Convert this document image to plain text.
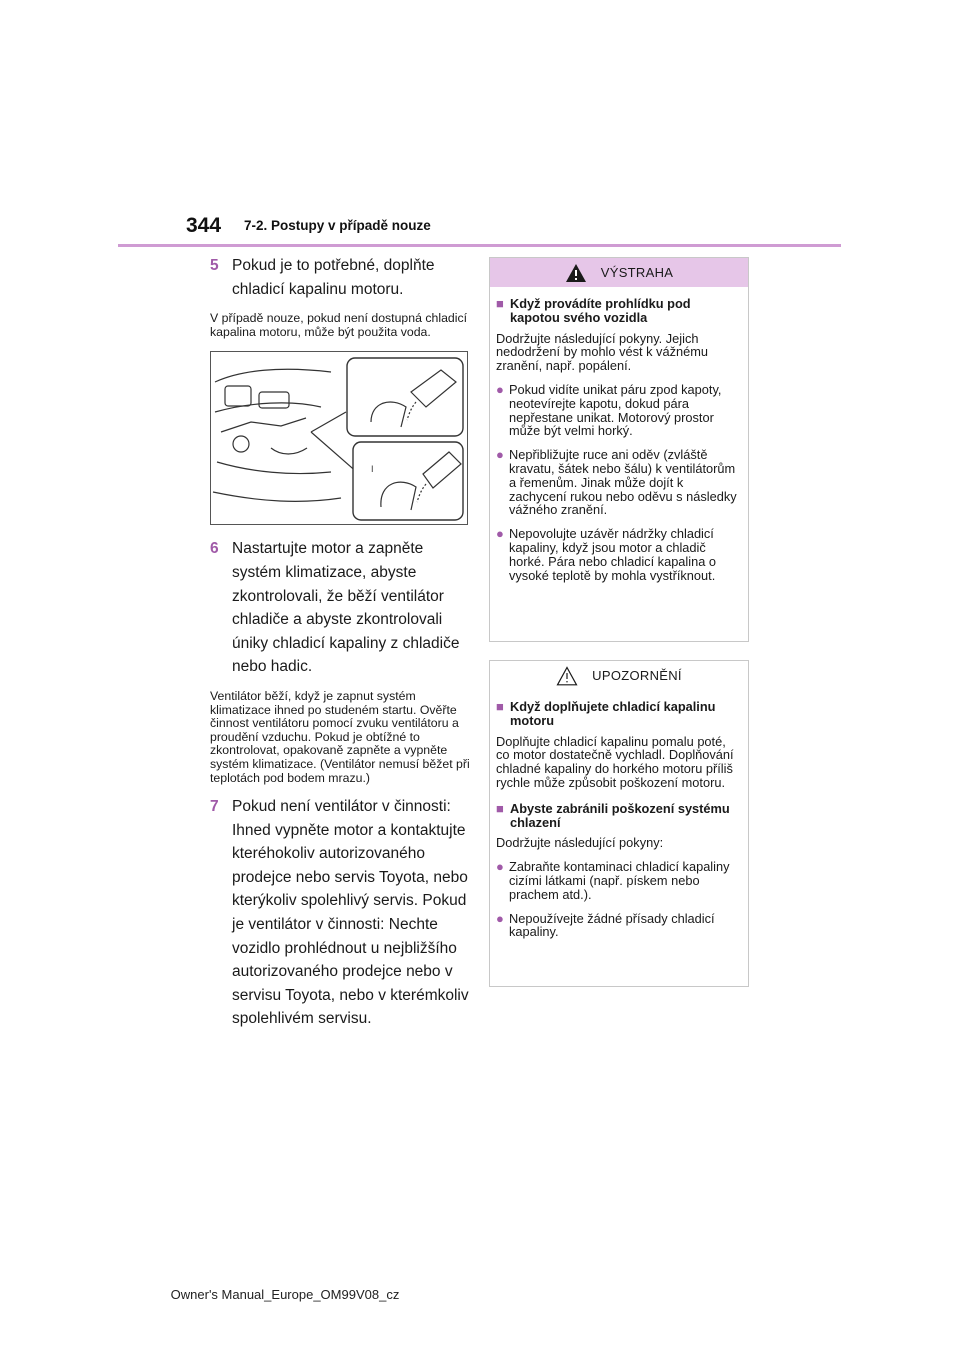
344 7-2. Postupy v případě nouze
5 Pokud je to potřebné, doplňte chladicí kapalinu motoru.
V případě nouze, pokud není dostupná chladicí kapalina motoru, může být použita voda.
I
6 Nastartujte motor a zapněte systém klimatizace, abyste zkontrolovali, že běží ventilátor chladiče a abyste zkontrolovali úniky chladicí kapaliny z chladiče nebo hadic.
Ventilátor běží, když je zapnut systém klimatizace ihned po studeném startu. Ověřte činnost ventilátoru pomocí zvuku ventilátoru a proudění vzduchu. Pokud je obtížné to zkontrolovat, opakovaně zapněte a vypněte systém klimatizace. (Ventilátor nemusí běžet při teplotách pod bodem mrazu.)
7 Pokud není ventilátor v činnosti: Ihned vypněte motor a kontaktujte kteréhokoliv autorizovaného prodejce nebo servis Toyota, nebo kterýkoliv spolehlivý servis. Pokud je ventilátor v činnosti: Nechte vozidlo prohlédnout u nejbližšího autorizovaného prodejce nebo v servisu Toyota, nebo v kterémkoliv spolehlivém servisu.
VÝSTRAHA
■ Když provádíte prohlídku pod kapotou svého vozidla
Dodržujte následující pokyny. Jejich nedodržení by mohlo vést k vážnému zranění, např. popálení.
● Pokud vidíte unikat páru zpod kapoty, neotevírejte kapotu, dokud pára nepřestane unikat. Motorový prostor může být velmi horký.
● Nepřibližujte ruce ani oděv (zvláště kravatu, šátek nebo šálu) k ventilátorům a řemenům. Jinak může dojít k zachycení rukou nebo oděvu s následky vážného zranění.
● Nepovolujte uzávěr nádržky chladicí kapaliny, když jsou motor a chladič horké. Pára nebo chladicí kapalina o vysoké teplotě by mohla vystříknout.
UPOZORNĚNÍ
■ Když doplňujete chladicí kapalinu motoru
Doplňujte chladicí kapalinu pomalu poté, co motor dostatečně vychladl. Doplňování chladné kapaliny do horkého motoru příliš rychle může způsobit poškození motoru.
■ Abyste zabránili poškození systému chlazení
Dodržujte následující pokyny:
● Zabraňte kontaminaci chladicí kapaliny cizími látkami (např. pískem nebo prachem atd.).
● Nepoužívejte žádné přísady chladicí kapaliny.
Owner's Manual_Europe_OM99V08_cz
